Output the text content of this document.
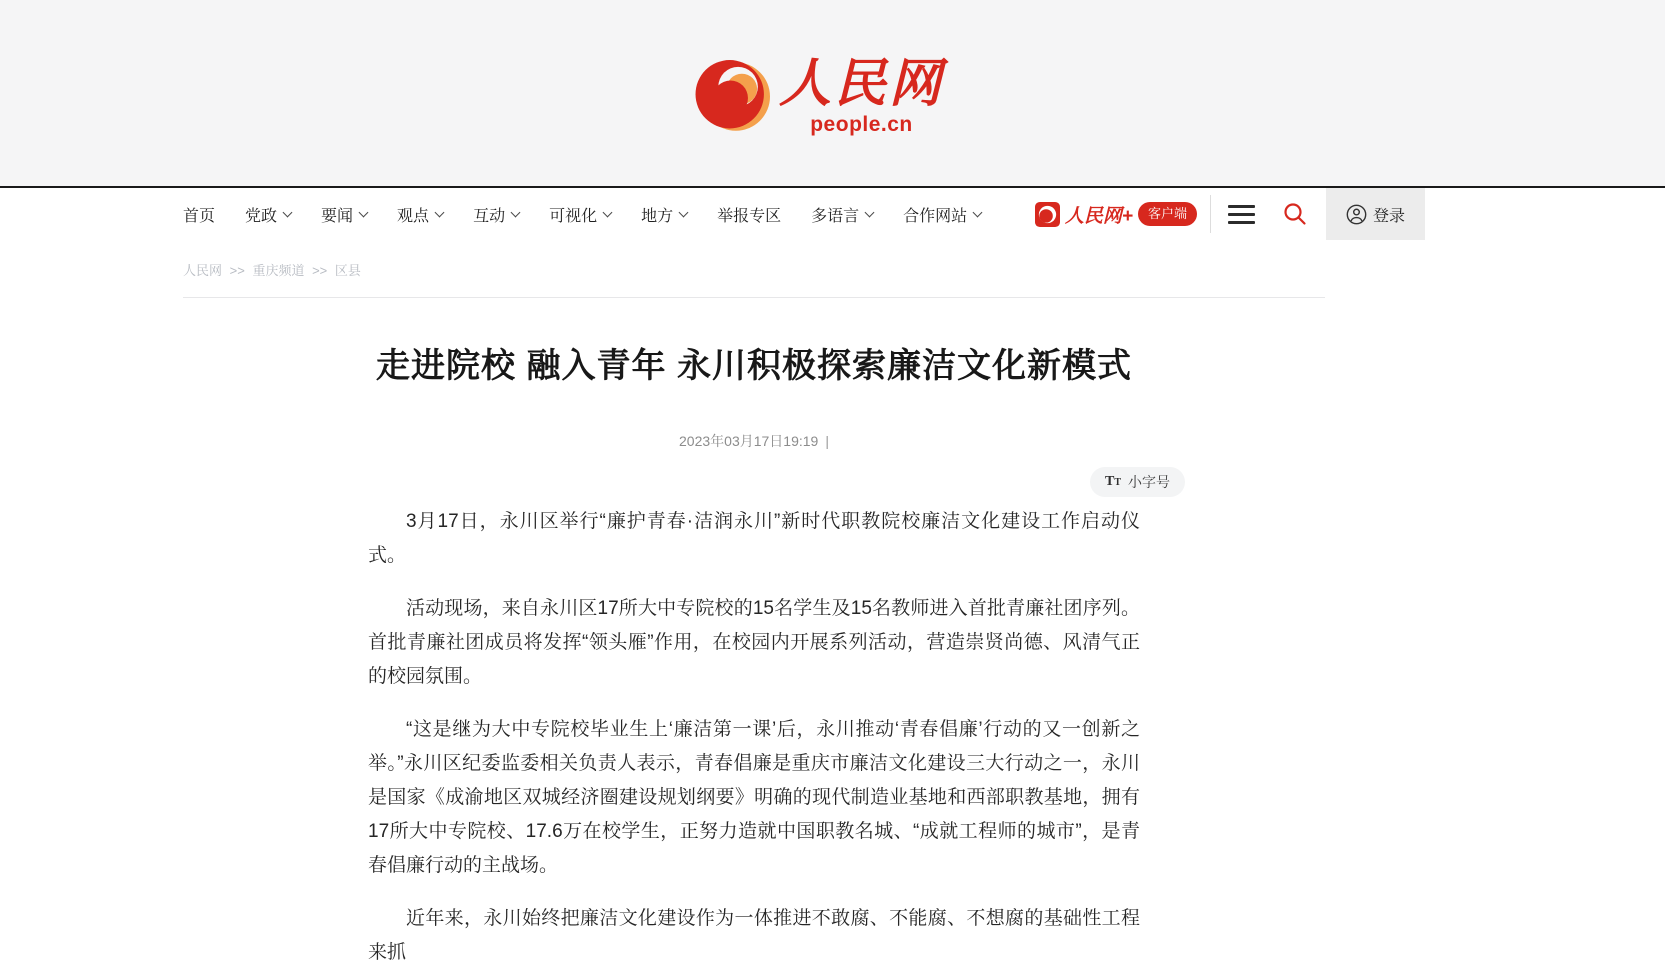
人民网
people.cn
首页 党政	要闻	观点	互动	可视化	地方	举报专区 多语言	合作网站	人民网+	客户端	登录
人民网 >> 重庆频道 >> 区县
走进院校 融入青年 永川积极探索廉洁文化新模式
2023年03月17日19:19 |
TT 小字号

3月17日，永川区举行“廉护青春·洁润永川”新时代职教院校廉洁文化建设工作启动仪式。

活动现场，来自永川区17所大中专院校的15名学生及15名教师进入首批青廉社团序列。首批青廉社团成员将发挥“领头雁”作用，在校园内开展系列活动，营造崇贤尚德、风清气正的校园氛围。

“这是继为大中专院校毕业生上‘廉洁第一课’后，永川推动‘青春倡廉’行动的又一创新之举。”永川区纪委监委相关负责人表示，青春倡廉是重庆市廉洁文化建设三大行动之一，永川是国家《成渝地区双城经济圈建设规划纲要》明确的现代制造业基地和西部职教基地，拥有17所大中专院校、17.6万在校学生，正努力造就中国职教名城、“成就工程师的城市”，是青春倡廉行动的主战场。

近年来，永川始终把廉洁文化建设作为一体推进不敢腐、不能腐、不想腐的基础性工程来抓
